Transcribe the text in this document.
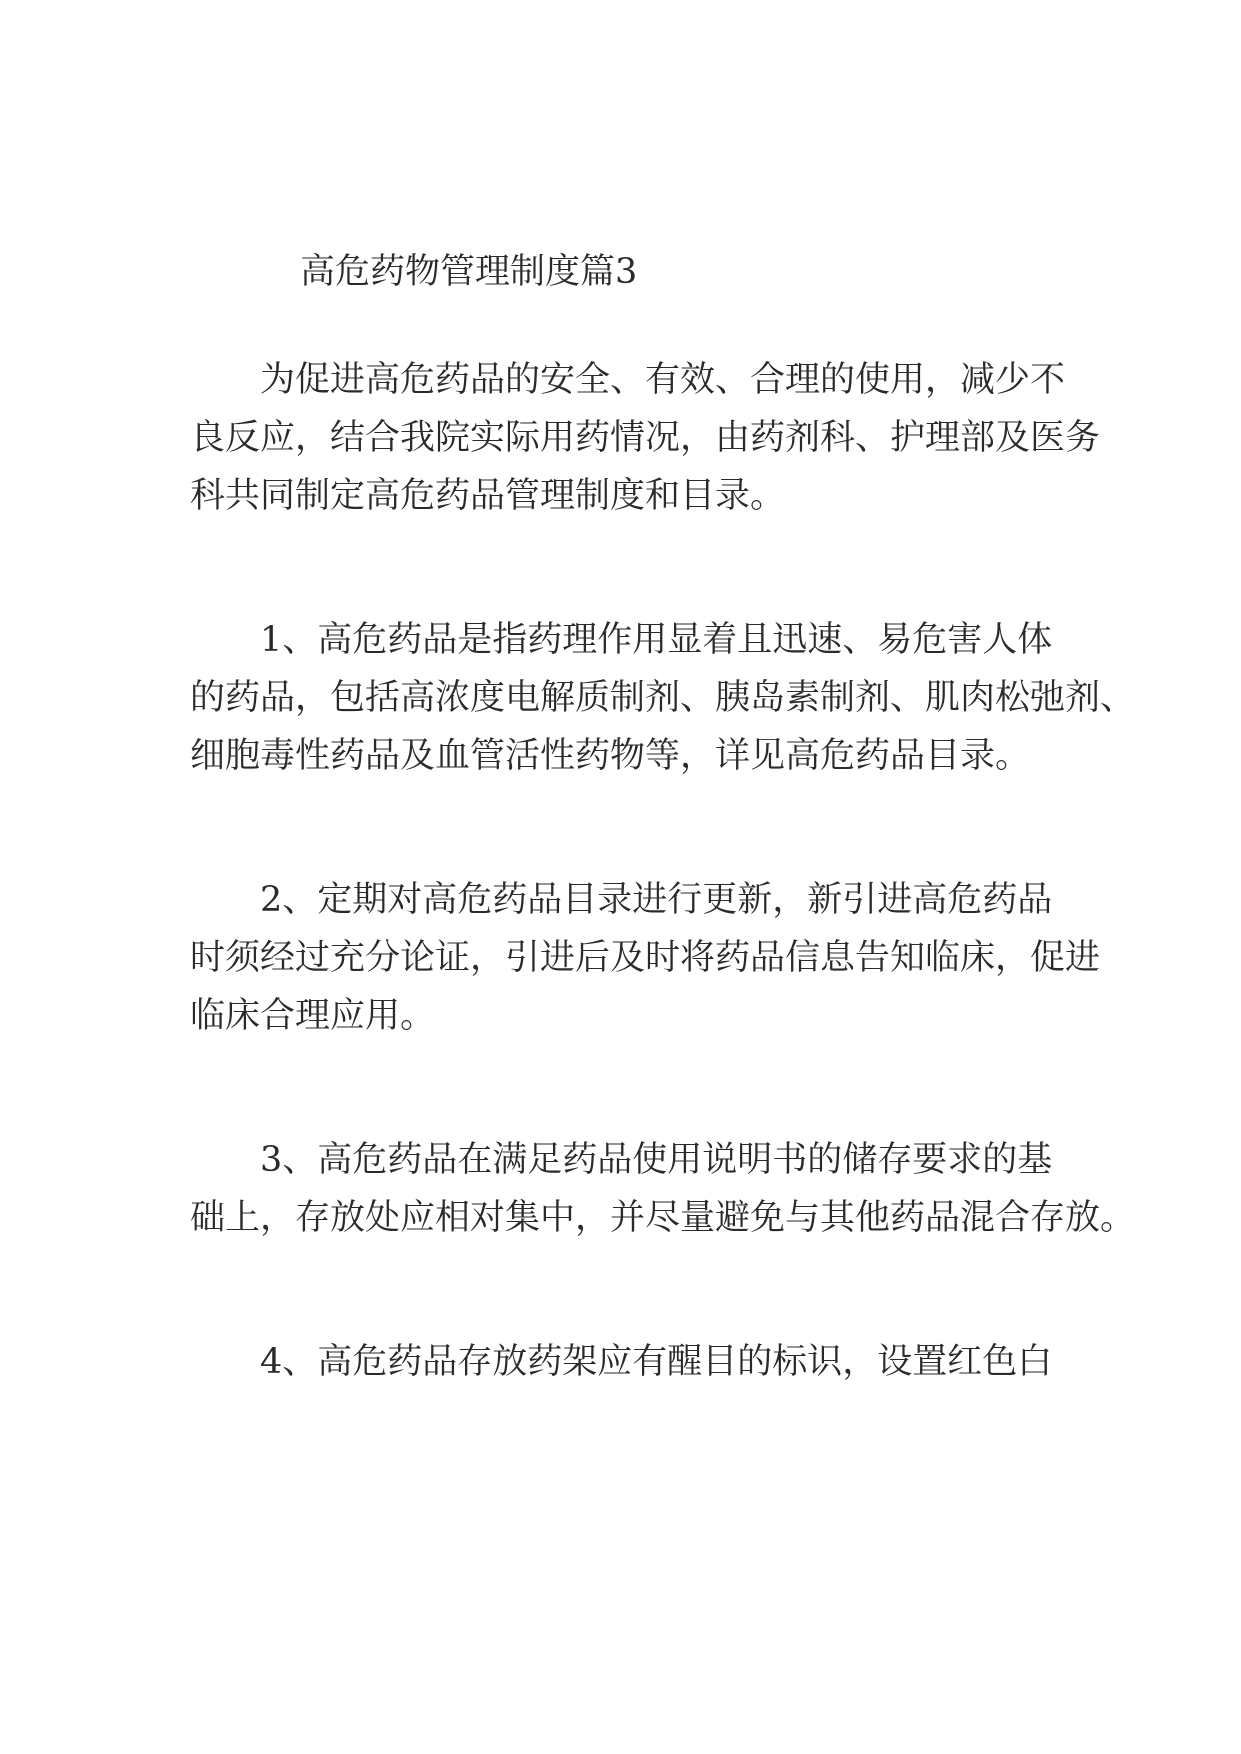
高危药物管理制度篇3

　　为促进高危药品的安全、有效、合理的使用，减少不

良反应，结合我院实际用药情况，由药剂科、护理部及医务

科共同制定高危药品管理制度和目录。

　　1、高危药品是指药理作用显着且迅速、易危害人体

的药品，包括高浓度电解质制剂、胰岛素制剂、肌肉松弛剂、

细胞毒性药品及血管活性药物等，详见高危药品目录。

　　2、定期对高危药品目录进行更新，新引进高危药品

时须经过充分论证，引进后及时将药品信息告知临床，促进

临床合理应用。

　　3、高危药品在满足药品使用说明书的储存要求的基

础上，存放处应相对集中，并尽量避免与其他药品混合存放。

　　4、高危药品存放药架应有醒目的标识，设置红色白
